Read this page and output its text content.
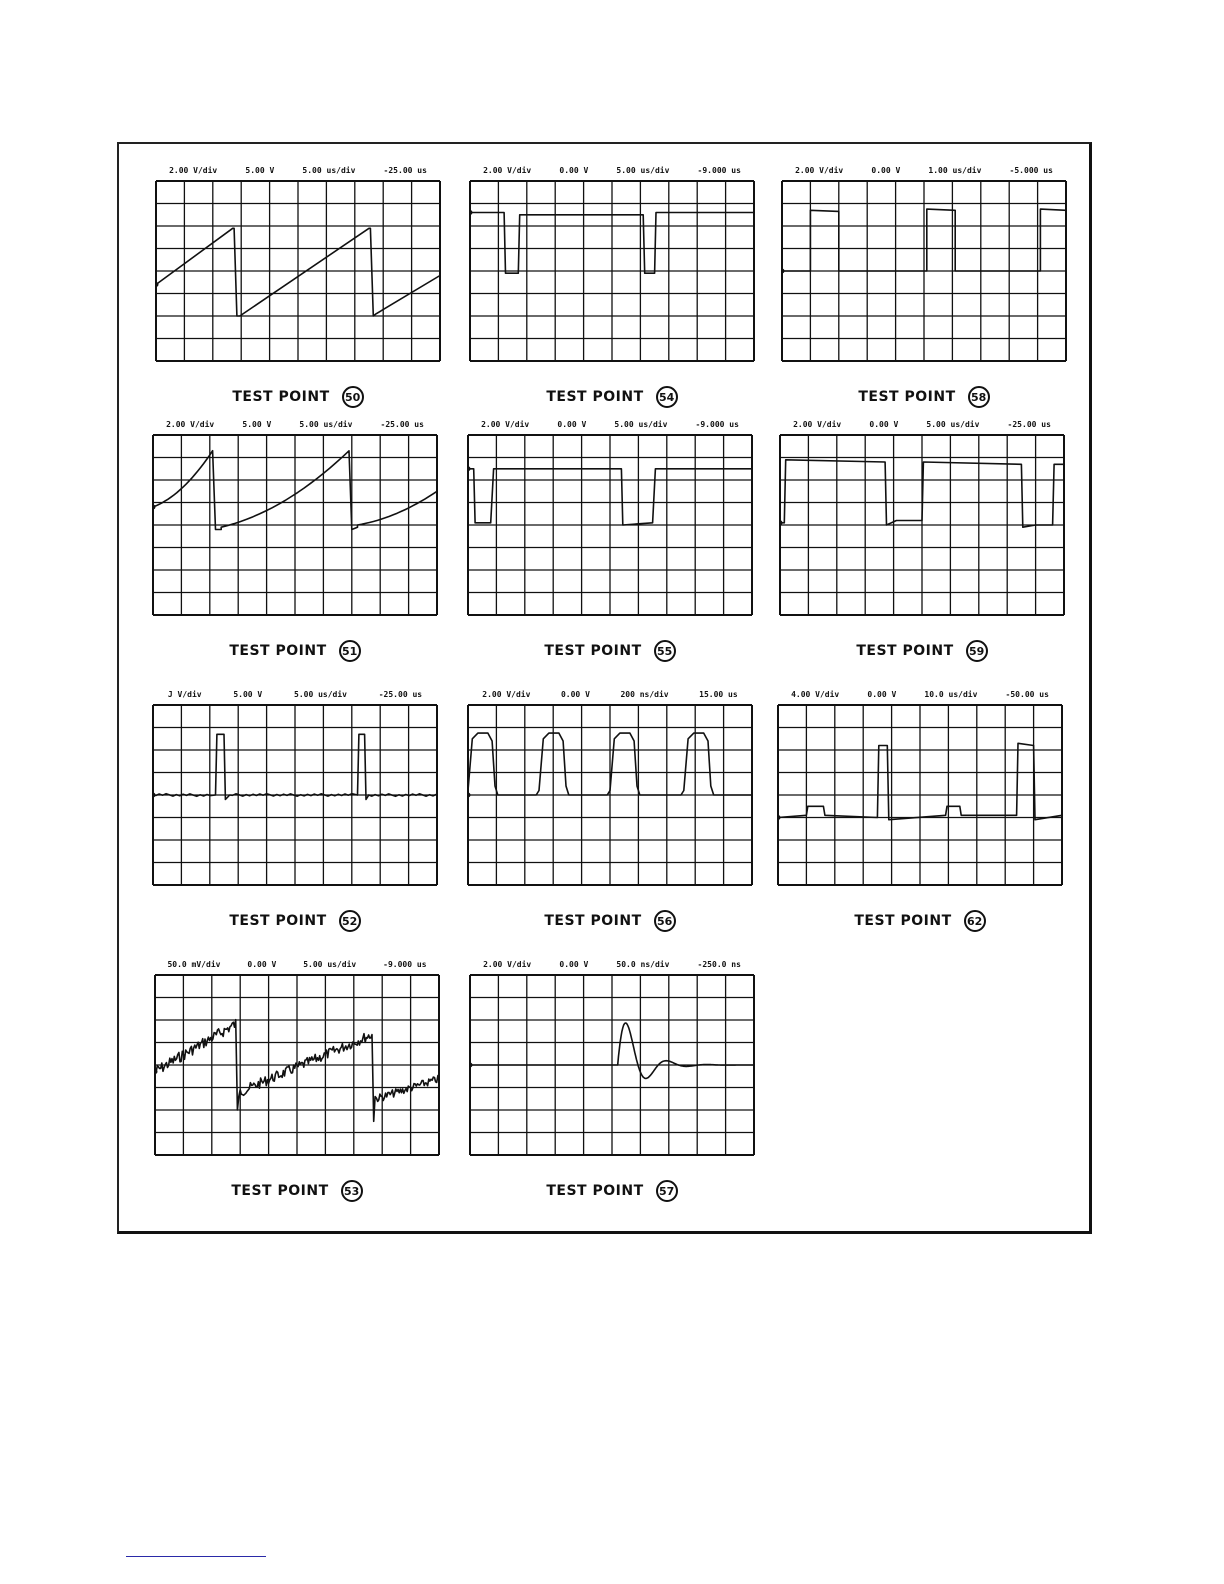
2.00 V/div	5.00 V	5.00 us/div	-25.00 us
TEST POINT	50
2.00 V/div	0.00 V	5.00 us/div	-9.000 us
TEST POINT	54
2.00 V/div	0.00 V	1.00 us/div	-5.000 us
TEST POINT	58
2.00 V/div	5.00 V	5.00 us/div	-25.00 us
TEST POINT	51
2.00 V/div	0.00 V	5.00 us/div	-9.000 us
TEST POINT	55
2.00 V/div	0.00 V	5.00 us/div	-25.00 us
TEST POINT	59
J V/div	5.00 V	5.00 us/div	-25.00 us
TEST POINT	52
2.00 V/div	0.00 V	200 ns/div	15.00 us
TEST POINT	56
4.00 V/div	0.00 V	10.0 us/div	-50.00 us
TEST POINT	62
50.0 mV/div	0.00 V	5.00 us/div	-9.000 us
TEST POINT	53
2.00 V/div	0.00 V	50.0 ns/div	-250.0 ns
TEST POINT	57
